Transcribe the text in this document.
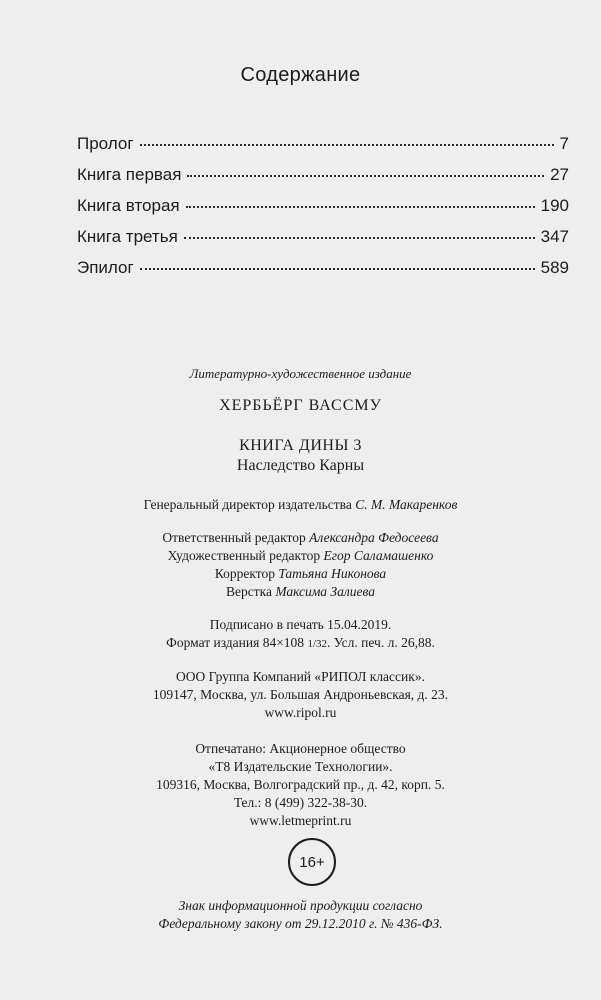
Содержание
Пролог	7
Книга первая	27
Книга вторая	190
Книга третья	347
Эпилог	589
Литературно-художественное издание
ХЕРБЬЁРГ ВАССМУ
КНИГА ДИНЫ 3
Наследство Карны
Генеральный директор издательства С. М. Макаренков
Ответственный редактор Александра Федосеева
Художественный редактор Егор Саламашенко
Корректор Татьяна Никонова
Верстка Максима Залиева
Подписано в печать 15.04.2019.
Формат издания 84×108 1/32. Усл. печ. л. 26,88.
ООО Группа Компаний «РИПОЛ классик».
109147, Москва, ул. Большая Андроньевская, д. 23.
www.ripol.ru
Отпечатано: Акционерное общество
«Т8 Издательские Технологии».
109316, Москва, Волгоградский пр., д. 42, корп. 5.
Тел.: 8 (499) 322-38-30.
www.letmeprint.ru
16+
Знак информационной продукции согласно
Федеральному закону от 29.12.2010 г. № 436-ФЗ.
